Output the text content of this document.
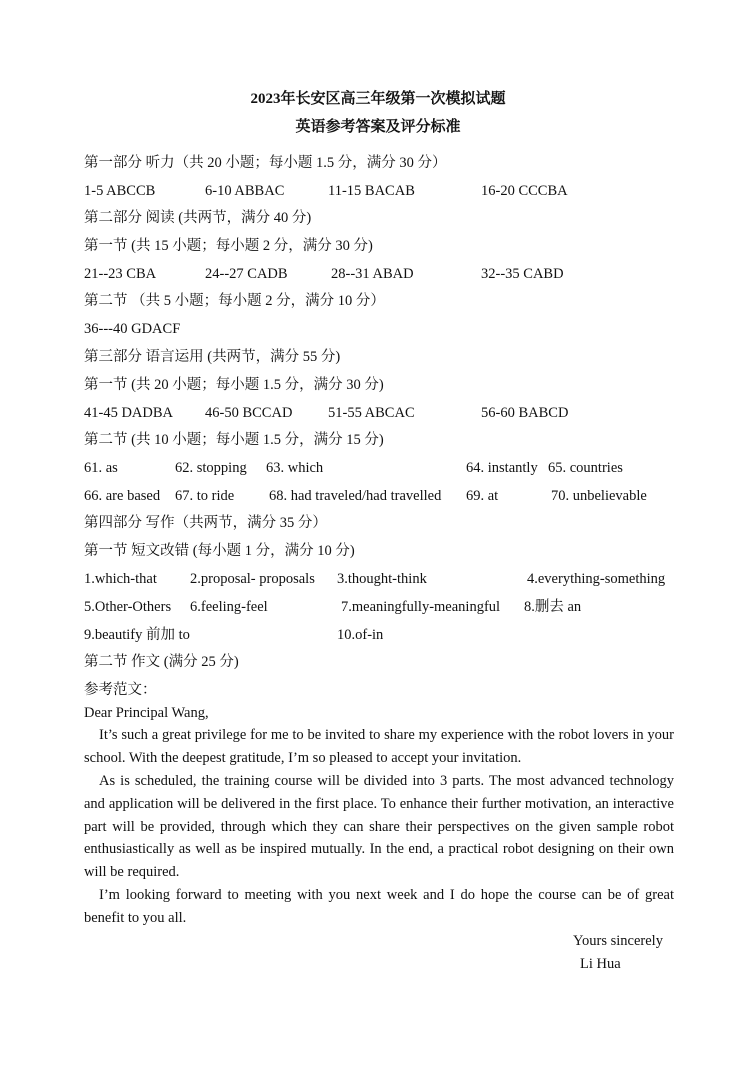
2023年长安区高三年级第一次模拟试题
英语参考答案及评分标准
第一部分 听力（共 20 小题；每小题 1.5 分，满分 30 分）
1-5 ABCCB	6-10 ABBAC	11-15 BACAB	16-20 CCCBA
第二部分 阅读 (共两节，满分 40 分)
第一节 (共 15 小题；每小题 2 分，满分 30 分)
21--23 CBA	24--27 CADB	28--31 ABAD	32--35 CABD
第二节 （共 5 小题；每小题 2 分，满分 10 分）
36---40 GDACF
第三部分 语言运用 (共两节，满分 55 分)
第一节 (共 20 小题；每小题 1.5 分，满分 30 分)
41-45 DADBA 46-50 BCCAD 51-55 ABCAC	56-60 BABCD
第二节 (共 10 小题；每小题 1.5 分，满分 15 分)
61. as	62. stopping 63. which	64. instantly 65. countries
66. are based 67. to ride 68. had traveled/had travelled 69. at	70. unbelievable
第四部分 写作（共两节，满分 35 分）
第一节 短文改错 (每小题 1 分，满分 10 分)
1.which-that 2.proposal- proposals 3.thought-think	4.everything-something
5.Other-Others 6.feeling-feel	7.meaningfully-meaningful 8.删去 an
9.beautify 前加 to	10.of-in
第二节 作文 (满分 25 分)
参考范文：
Dear Principal Wang,
It’s such a great privilege for me to be invited to share my experience with the robot lovers in your school. With the deepest gratitude, I’m so pleased to accept your invitation.
As is scheduled, the training course will be divided into 3 parts. The most advanced technology and application will be delivered in the first place. To enhance their further motivation, an interactive part will be provided, through which they can share their perspectives on the given sample robot enthusiastically as well as be inspired mutually. In the end, a practical robot designing on their own will be required.
I’m looking forward to meeting with you next week and I do hope the course can be of great benefit to you all.
Yours sincerely
Li Hua
